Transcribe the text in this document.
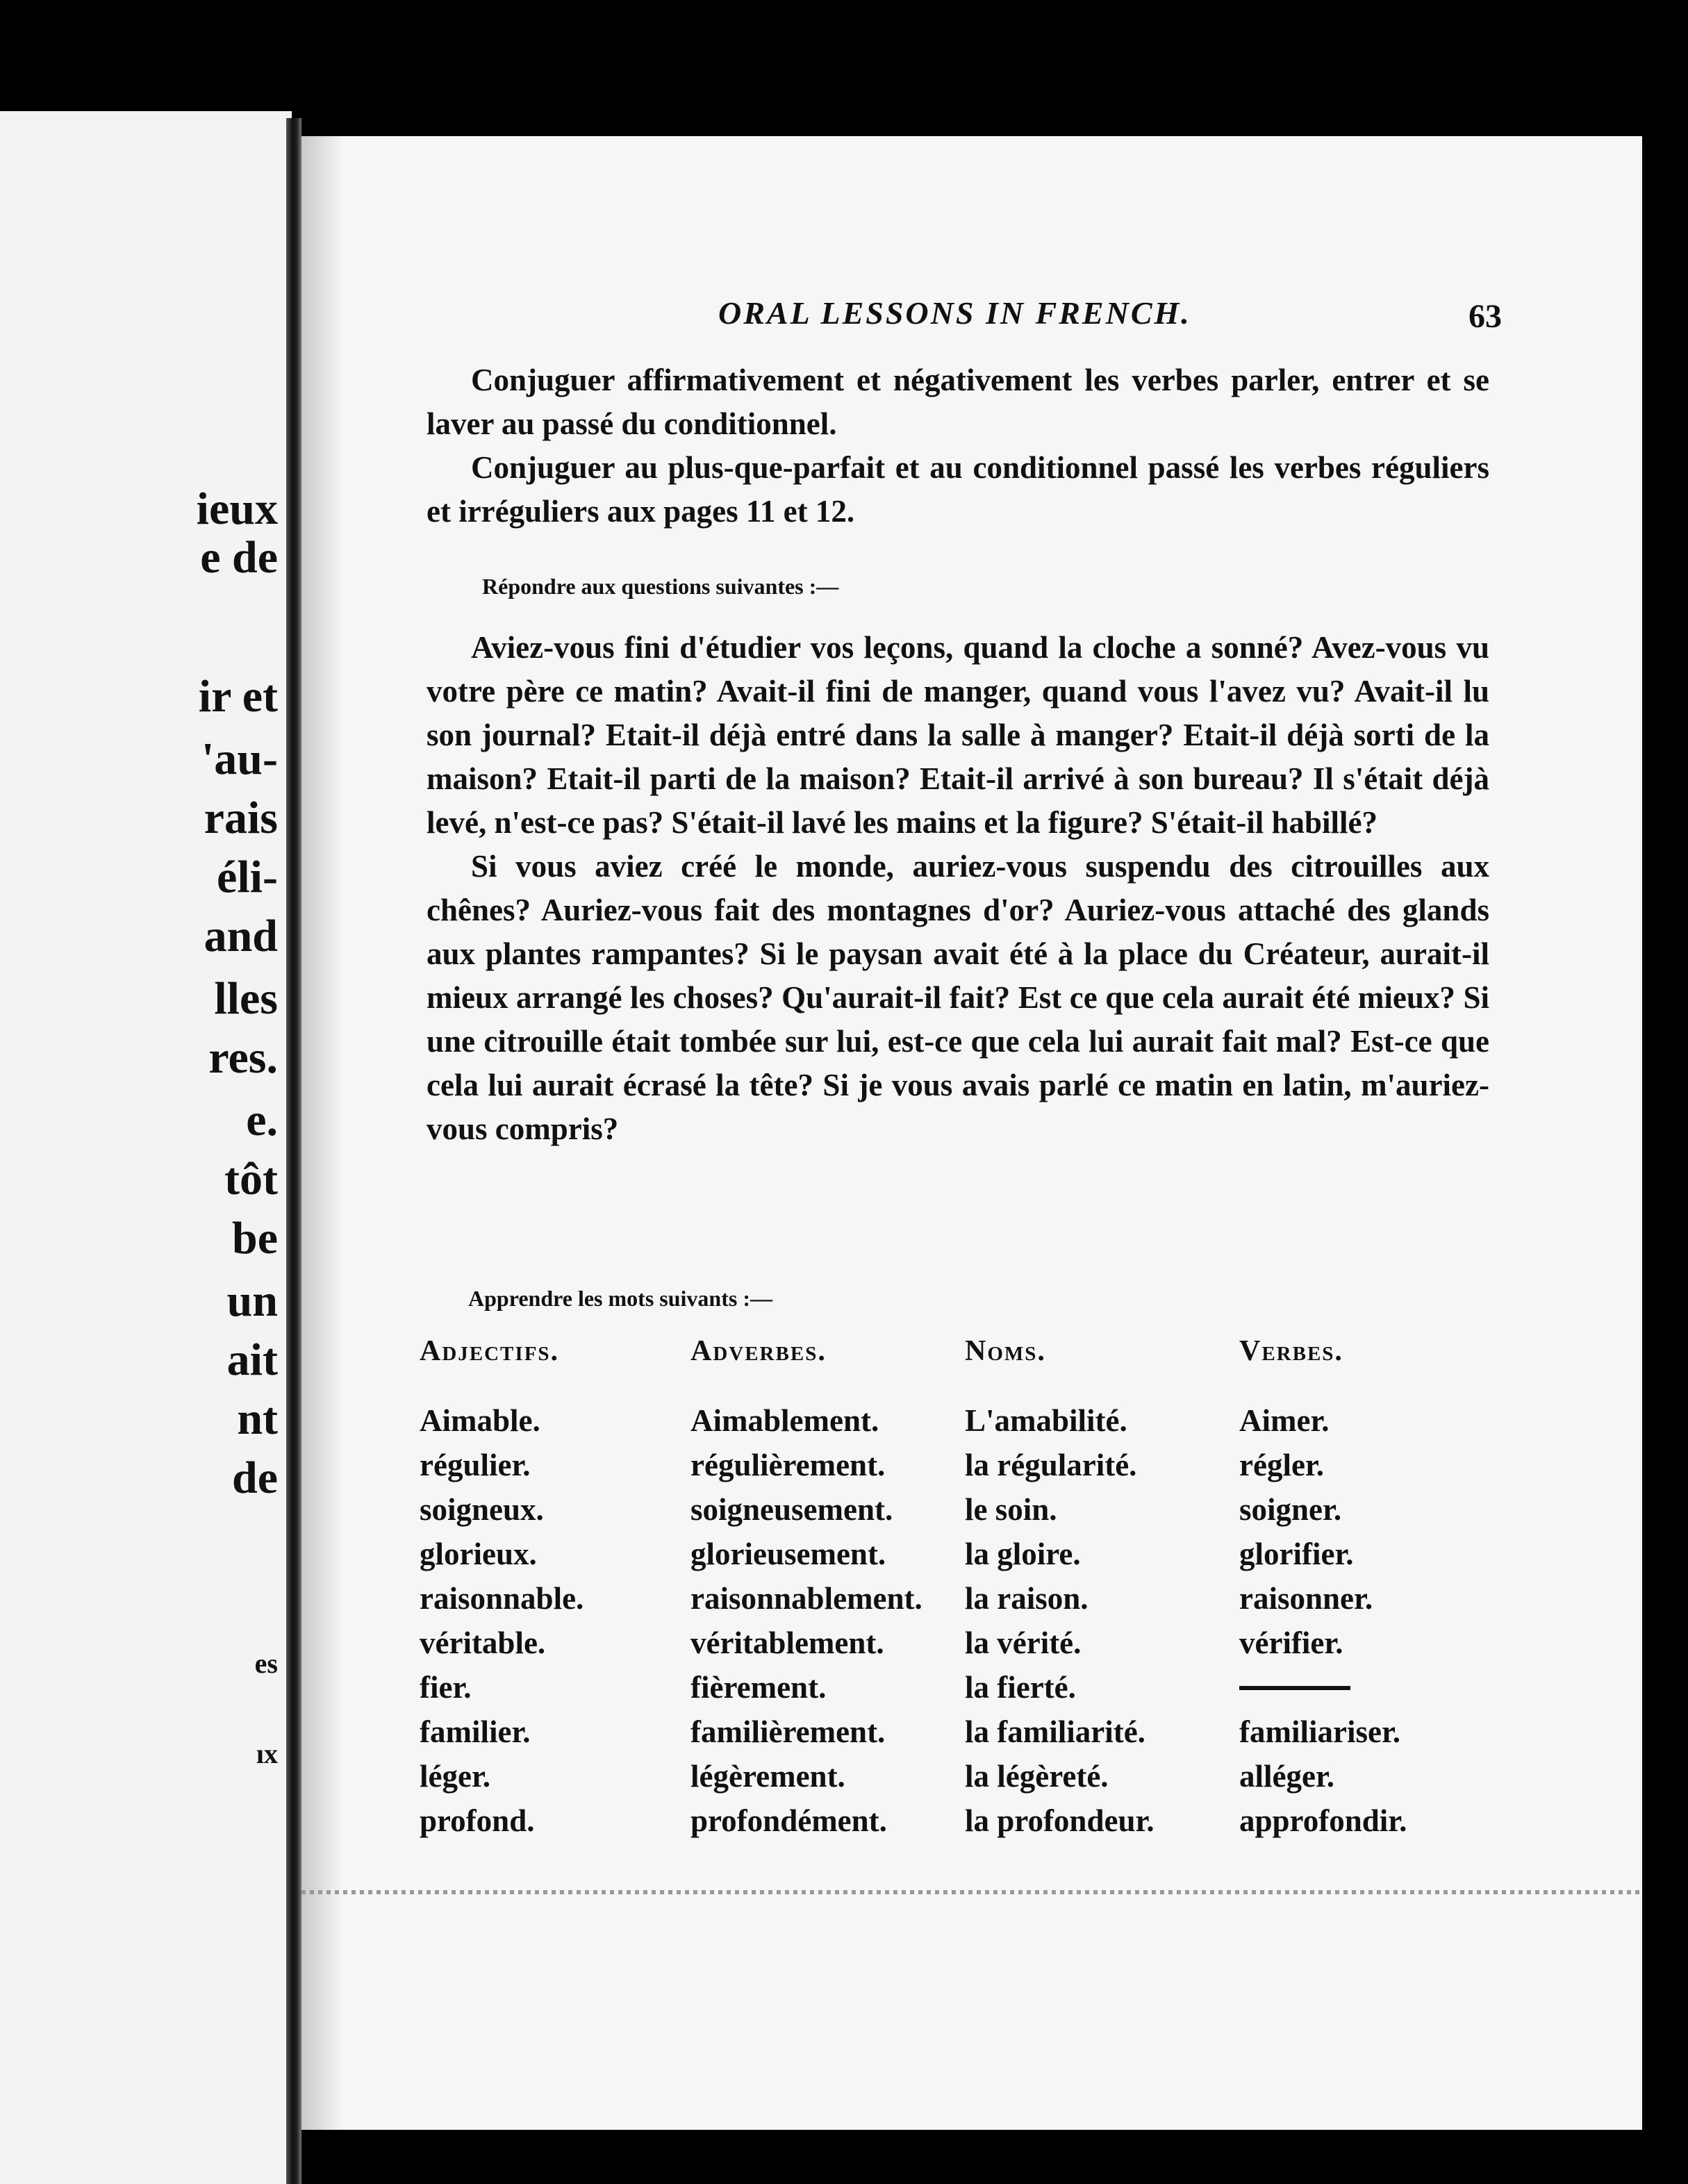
ieux
e de
ir et
'au-
rais
éli-
and
lles
res.
e.
tôt
be
un
ait
nt
de
es
ıx
ORAL LESSONS IN FRENCH.	63

Conjuguer affirmativement et négativement les verbes parler, entrer et se laver au passé du conditionnel.

Conjuguer au plus-que-parfait et au conditionnel passé les verbes réguliers et irréguliers aux pages 11 et 12.

Répondre aux questions suivantes :—

Aviez-vous fini d'étudier vos leçons, quand la cloche a sonné? Avez-vous vu votre père ce matin? Avait-il fini de manger, quand vous l'avez vu? Avait-il lu son journal? Etait-il déjà entré dans la salle à manger? Etait-il déjà sorti de la maison? Etait-il parti de la maison? Etait-il arrivé à son bureau? Il s'était déjà levé, n'est-ce pas? S'était-il lavé les mains et la figure? S'était-il habillé?

Si vous aviez créé le monde, auriez-vous suspendu des citrouilles aux chênes? Auriez-vous fait des montagnes d'or? Auriez-vous attaché des glands aux plantes rampantes? Si le paysan avait été à la place du Créateur, aurait-il mieux arrangé les choses? Qu'aurait-il fait? Est ce que cela aurait été mieux? Si une citrouille était tombée sur lui, est-ce que cela lui aurait fait mal? Est-ce que cela lui aurait écrasé la tête? Si je vous avais parlé ce matin en latin, m'auriez-vous compris?

Apprendre les mots suivants :—
Adjectifs.
Aimable.
régulier.
soigneux.
glorieux.
raisonnable.
véritable.
fier.
familier.
léger.
profond.
Adverbes.
Aimablement.
régulièrement.
soigneusement.
glorieusement.
raisonnablement.
véritablement.
fièrement.
familièrement.
légèrement.
profondément.
Noms.
L'amabilité.
la régularité.
le soin.
la gloire.
la raison.
la vérité.
la fierté.
la familiarité.
la légèreté.
la profondeur.
Verbes.
Aimer.
régler.
soigner.
glorifier.
raisonner.
vérifier.
familiariser.
alléger.
approfondir.
